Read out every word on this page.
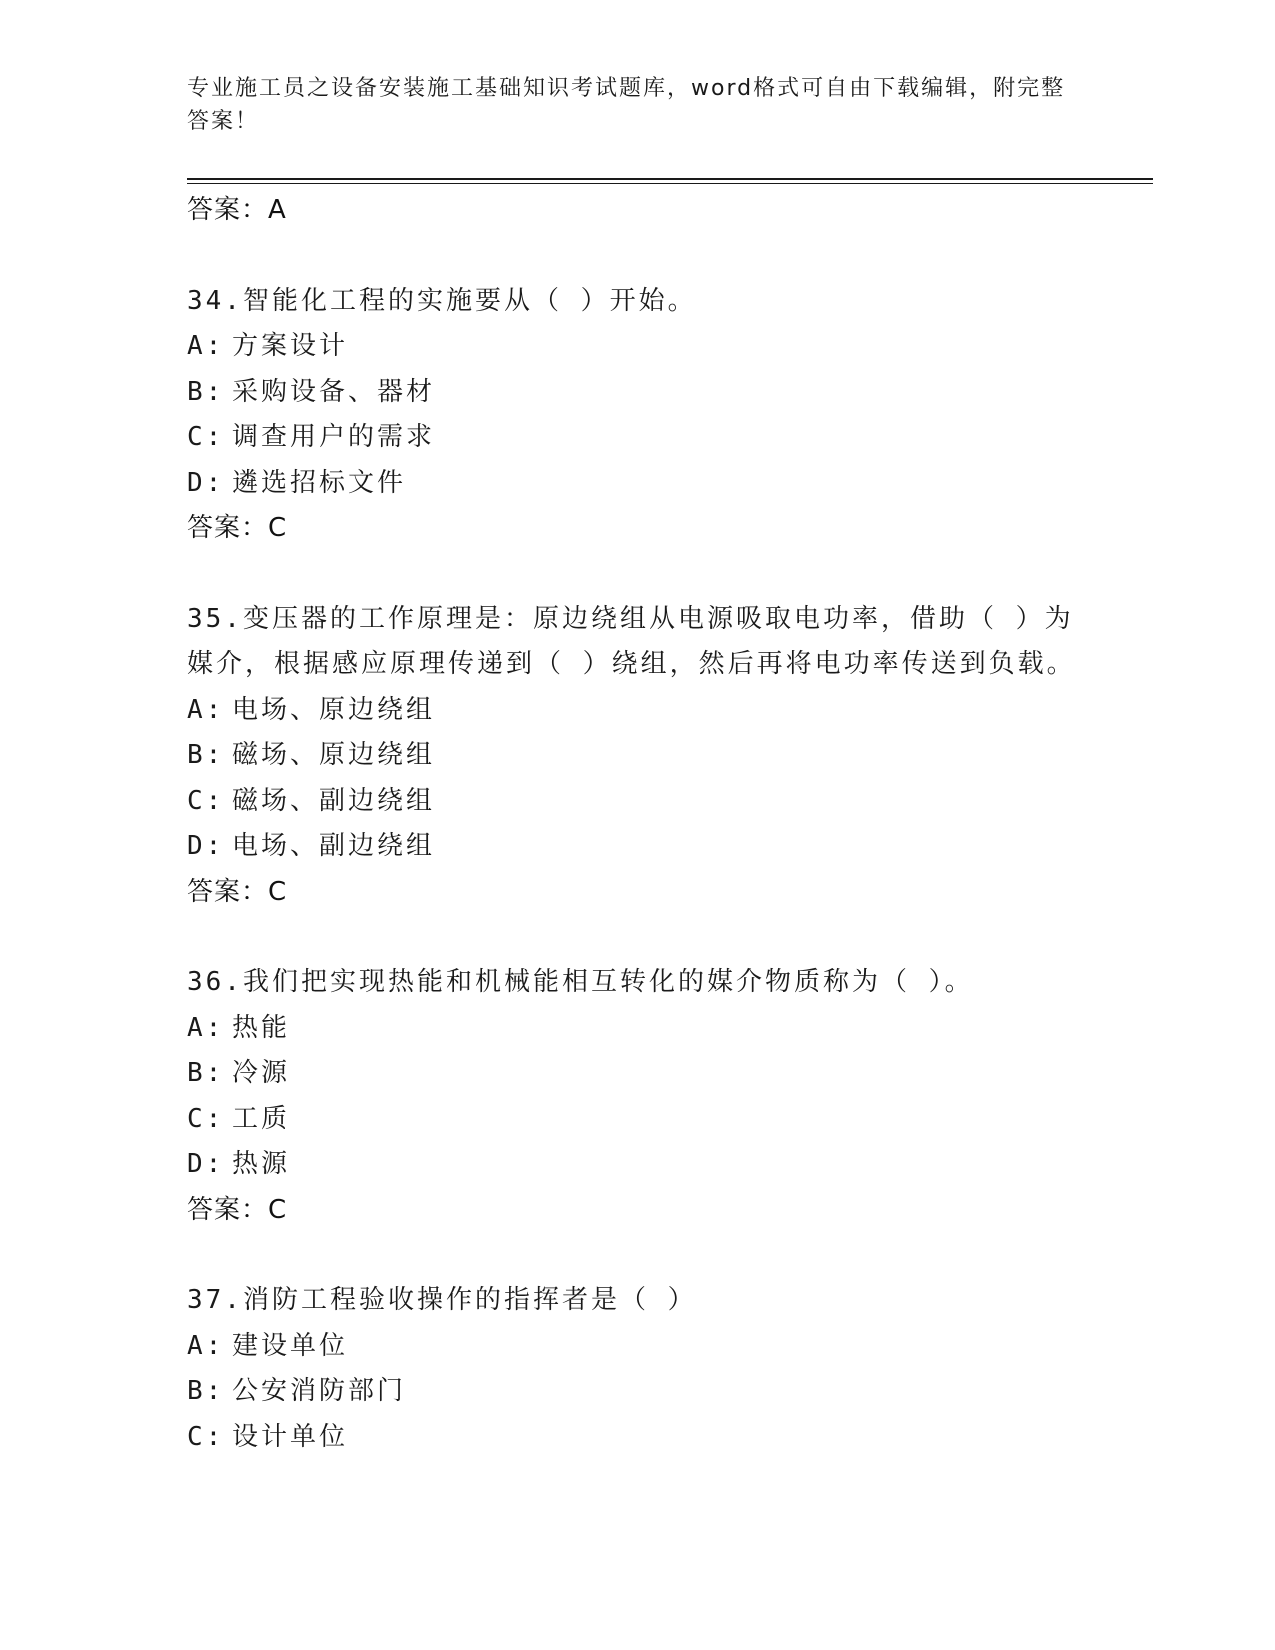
专业施工员之设备安装施工基础知识考试题库，word格式可自由下载编辑，附完整答案！
答案：A
34.智能化工程的实施要从（ ）开始。
A: 方案设计
B: 采购设备、器材
C: 调查用户的需求
D: 遴选招标文件
答案：C
35.变压器的工作原理是：原边绕组从电源吸取电功率，借助（ ）为媒介，根据感应原理传递到（ ）绕组，然后再将电功率传送到负载。
A: 电场、原边绕组
B: 磁场、原边绕组
C: 磁场、副边绕组
D: 电场、副边绕组
答案：C
36.我们把实现热能和机械能相互转化的媒介物质称为（ ）。
A: 热能
B: 冷源
C: 工质
D: 热源
答案：C
37.消防工程验收操作的指挥者是（ ）
A: 建设单位
B: 公安消防部门
C: 设计单位
